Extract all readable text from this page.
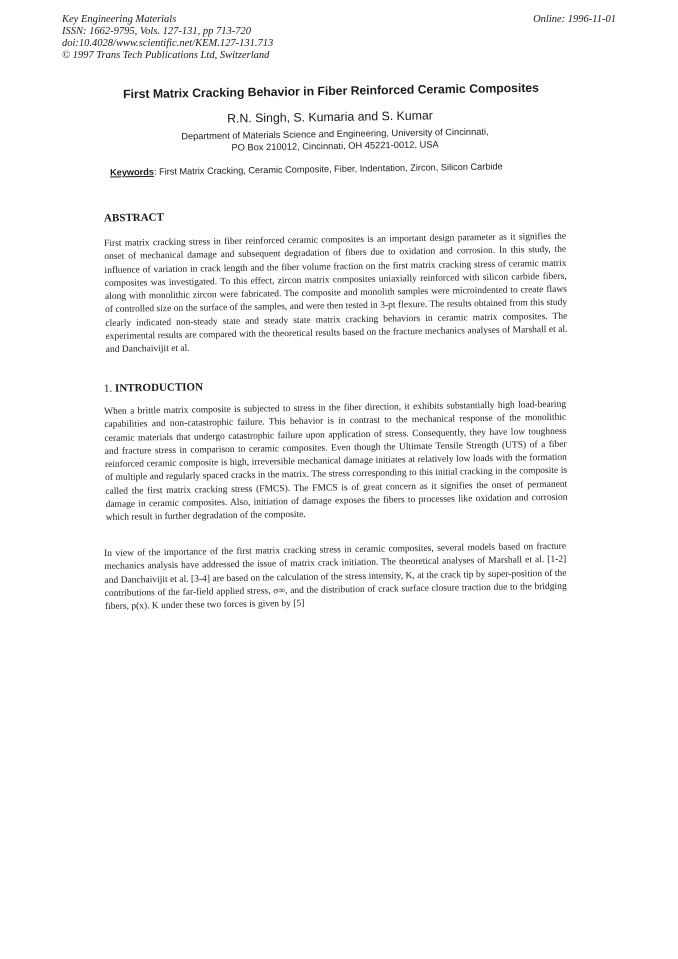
Key Engineering Materials
ISSN: 1662-9795, Vols. 127-131, pp 713-720
doi:10.4028/www.scientific.net/KEM.127-131.713
© 1997 Trans Tech Publications Ltd, Switzerland
Online: 1996-11-01
First Matrix Cracking Behavior in Fiber Reinforced Ceramic Composites
R.N. Singh, S. Kumaria and S. Kumar
Department of Materials Science and Engineering, University of Cincinnati,
PO Box 210012, Cincinnati, OH 45221-0012, USA
Keywords: First Matrix Cracking, Ceramic Composite, Fiber, Indentation, Zircon, Silicon Carbide
ABSTRACT
First matrix cracking stress in fiber reinforced ceramic composites is an important design parameter as it signifies the onset of mechanical damage and subsequent degradation of fibers due to oxidation and corrosion. In this study, the influence of variation in crack length and the fiber volume fraction on the first matrix cracking stress of ceramic matrix composites was investigated. To this effect, zircon matrix composites uniaxially reinforced with silicon carbide fibers, along with monolithic zircon were fabricated. The composite and monolith samples were microindented to create flaws of controlled size on the surface of the samples, and were then tested in 3-pt flexure. The results obtained from this study clearly indicated non-steady state and steady state matrix cracking behaviors in ceramic matrix composites. The experimental results are compared with the theoretical results based on the fracture mechanics analyses of Marshall et al. and Danchaivijit et al.
1. INTRODUCTION
When a brittle matrix composite is subjected to stress in the fiber direction, it exhibits substantially high load-bearing capabilities and non-catastrophic failure. This behavior is in contrast to the mechanical response of the monolithic ceramic materials that undergo catastrophic failure upon application of stress. Consequently, they have low toughness and fracture stress in comparison to ceramic composites. Even though the Ultimate Tensile Strength (UTS) of a fiber reinforced ceramic composite is high, irreversible mechanical damage initiates at relatively low loads with the formation of multiple and regularly spaced cracks in the matrix. The stress corresponding to this initial cracking in the composite is called the first matrix cracking stress (FMCS). The FMCS is of great concern as it signifies the onset of permanent damage in ceramic composites. Also, initiation of damage exposes the fibers to processes like oxidation and corrosion which result in further degradation of the composite.
In view of the importance of the first matrix cracking stress in ceramic composites, several models based on fracture mechanics analysis have addressed the issue of matrix crack initiation. The theoretical analyses of Marshall et al. [1-2] and Danchaivijit et al. [3-4] are based on the calculation of the stress intensity, K, at the crack tip by super-position of the contributions of the far-field applied stress, σ∞, and the distribution of crack surface closure traction due to the bridging fibers, p(x). K under these two forces is given by [5]
